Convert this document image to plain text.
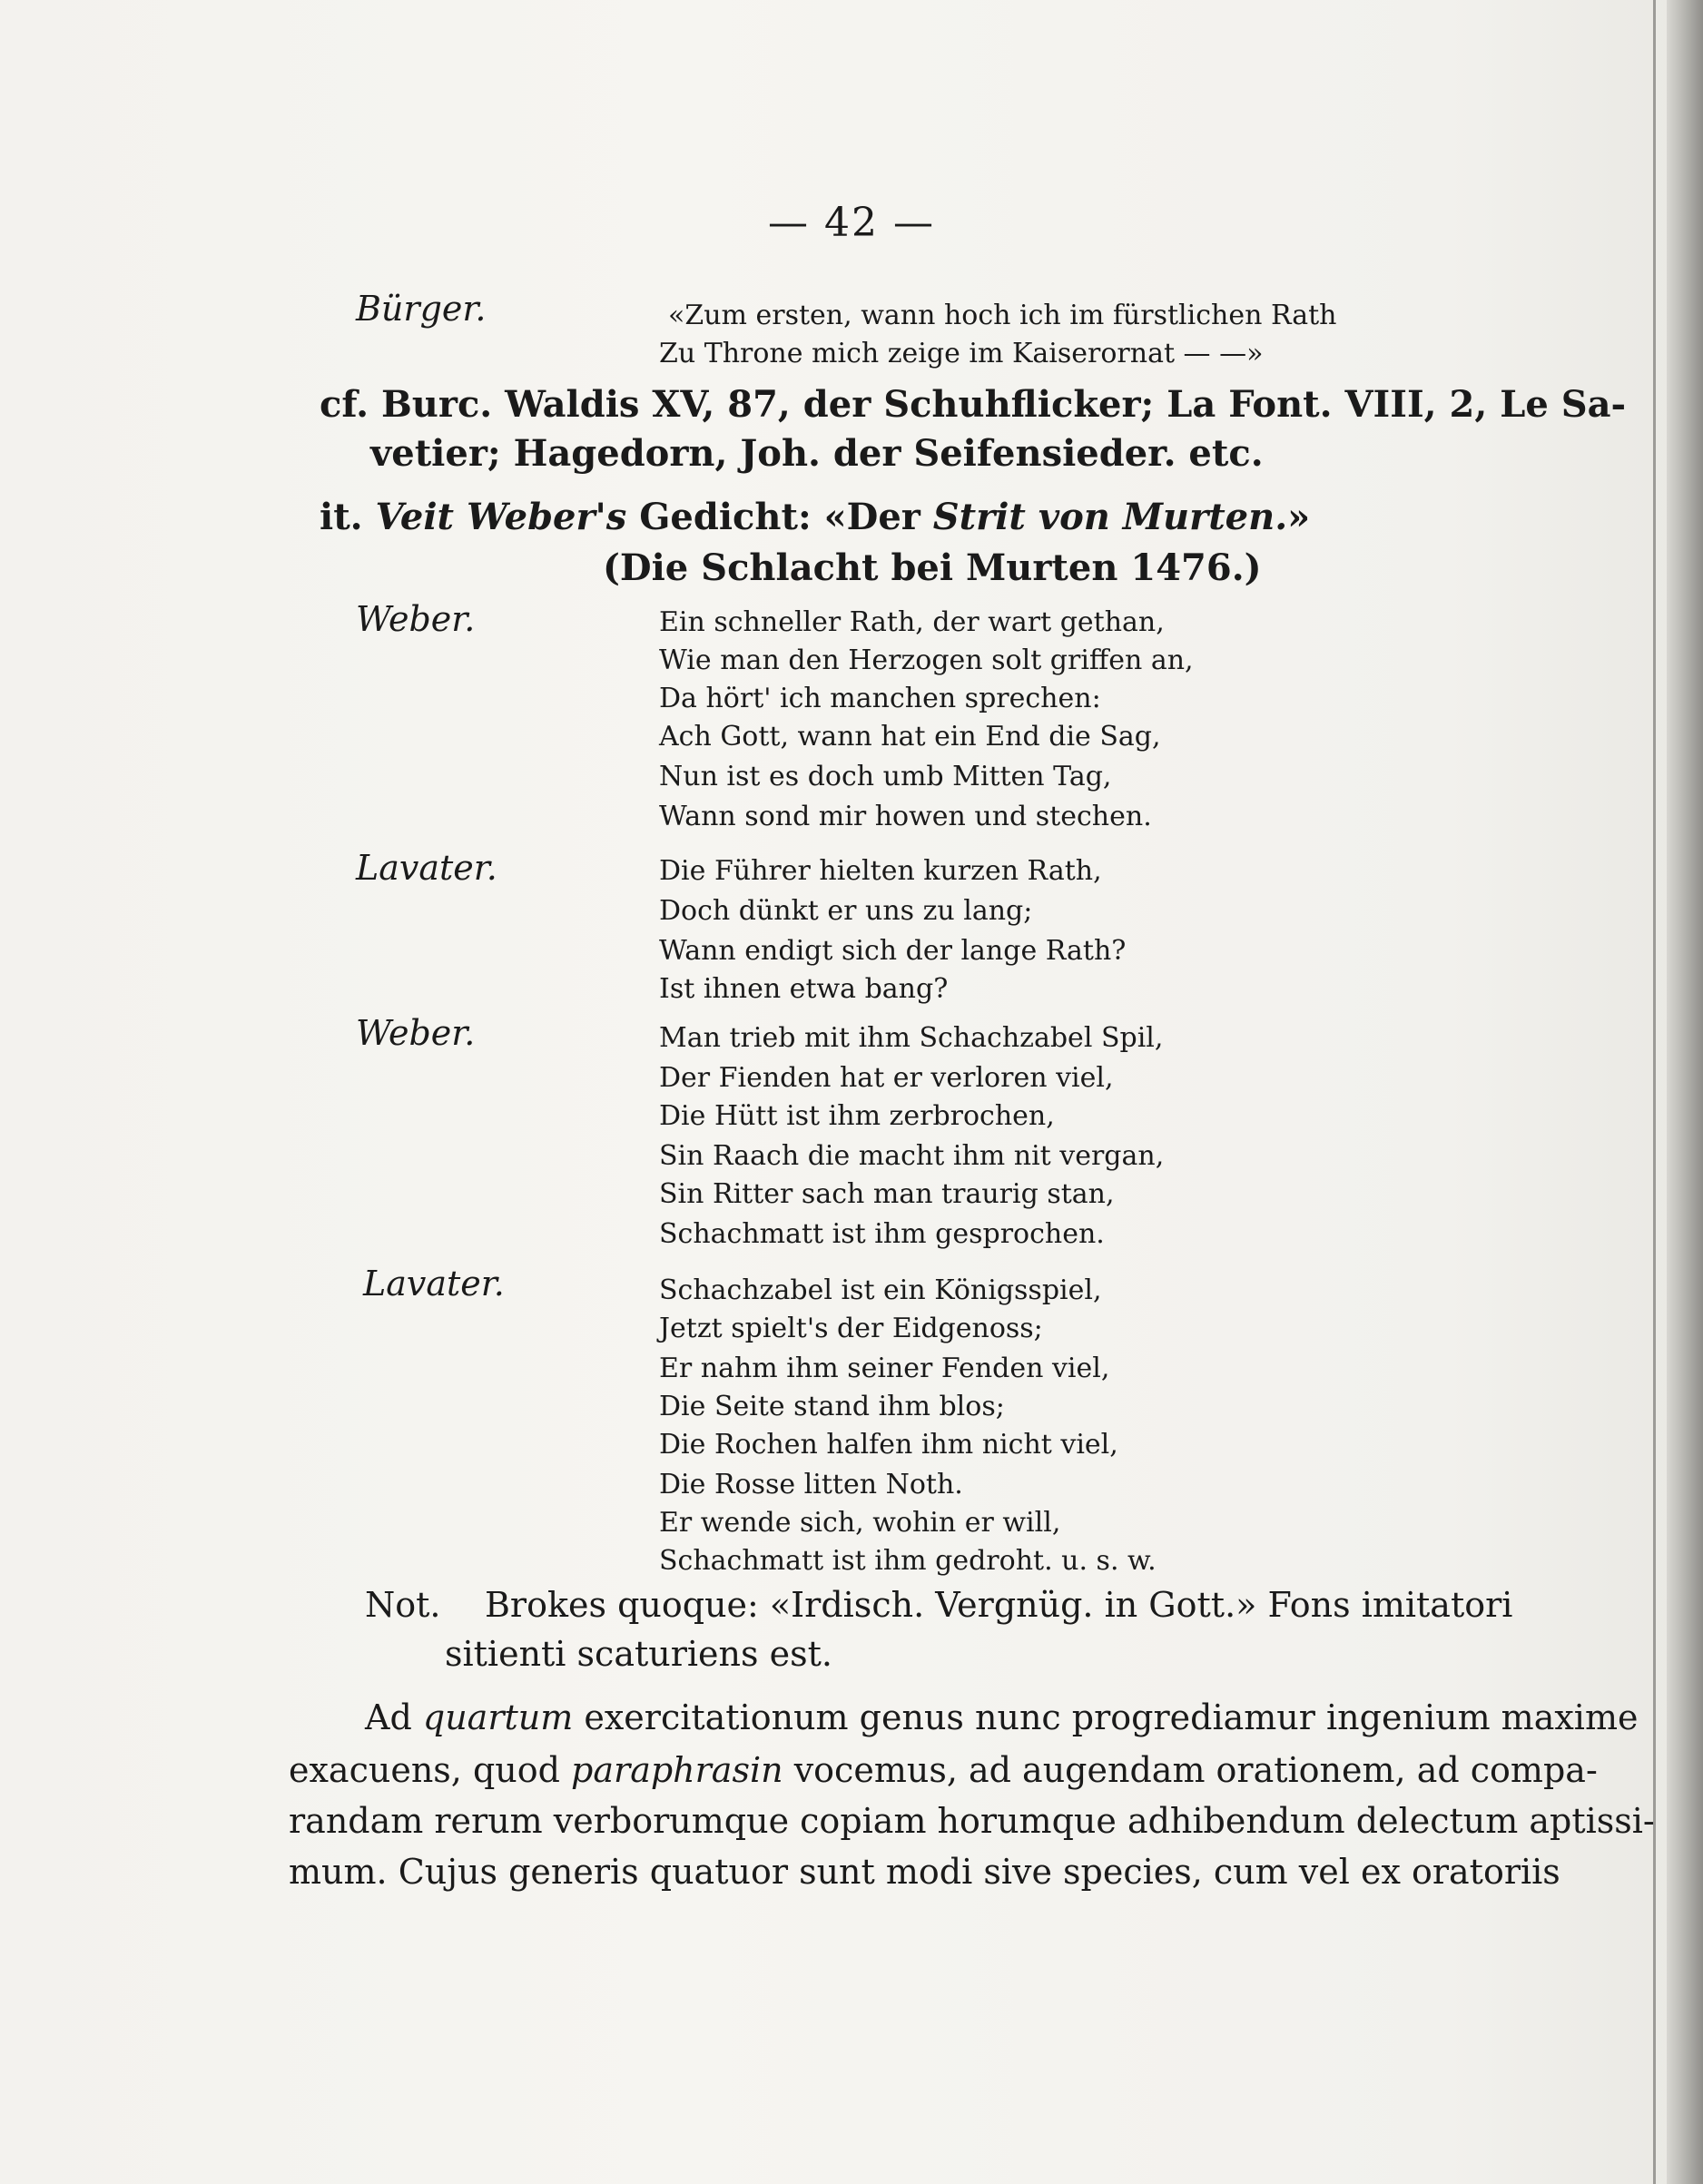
— 42 —
Bürger.	«Zum ersten, wann hoch ich im fürstlichen Rath
Zu Throne mich zeige im Kaiserornat — —»
cf. Burc. Waldis XV, 87, der Schuhflicker; La Font. VIII, 2, Le Sa-
vetier; Hagedorn, Joh. der Seifensieder. etc.
it. Veit Weber's Gedicht: «Der Strit von Murten.»
(Die Schlacht bei Murten 1476.)
Weber.	Ein schneller Rath, der wart gethan,
Wie man den Herzogen solt griffen an,
Da hört' ich manchen sprechen:
Ach Gott, wann hat ein End die Sag,
Nun ist es doch umb Mitten Tag,
Wann sond mir howen und stechen.
Lavater.	Die Führer hielten kurzen Rath,
Doch dünkt er uns zu lang;
Wann endigt sich der lange Rath?
Ist ihnen etwa bang?
Weber.	Man trieb mit ihm Schachzabel Spil,
Der Fienden hat er verloren viel,
Die Hütt ist ihm zerbrochen,
Sin Raach die macht ihm nit vergan,
Sin Ritter sach man traurig stan,
Schachmatt ist ihm gesprochen.
Lavater.	Schachzabel ist ein Königsspiel,
Jetzt spielt's der Eidgenoss;
Er nahm ihm seiner Fenden viel,
Die Seite stand ihm blos;
Die Rochen halfen ihm nicht viel,
Die Rosse litten Noth.
Er wende sich, wohin er will,
Schachmatt ist ihm gedroht. u. s. w.
Not. Brokes quoque: «Irdisch. Vergnüg. in Gott.» Fons imitatori
sitienti scaturiens est.
Ad quartum exercitationum genus nunc progrediamur ingenium maxime
exacuens, quod paraphrasin vocemus, ad augendam orationem, ad compa-
randam rerum verborumque copiam horumque adhibendum delectum aptissi-
mum. Cujus generis quatuor sunt modi sive species, cum vel ex oratoriis
